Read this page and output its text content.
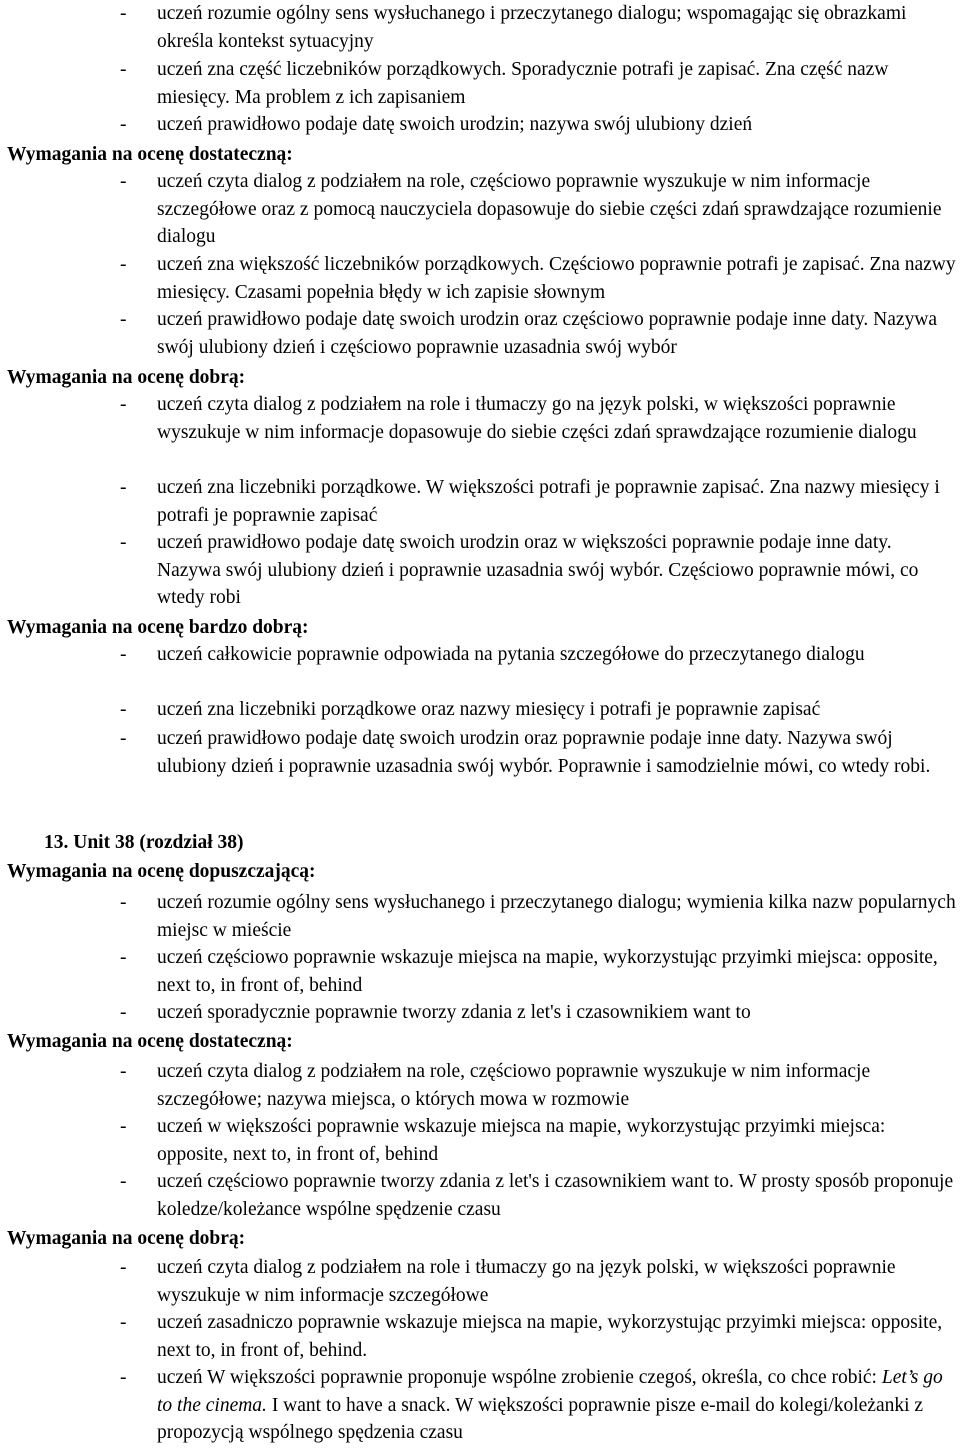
- uczeń rozumie ogólny sens wysłuchanego i przeczytanego dialogu; wspomagając się obrazkami określa kontekst sytuacyjny
- uczeń zna część liczebników porządkowych. Sporadycznie potrafi je zapisać. Zna część nazw miesięcy. Ma problem z ich zapisaniem
- uczeń prawidłowo podaje datę swoich urodzin; nazywa swój ulubiony dzień
Wymagania na ocenę dostateczną:
- uczeń czyta dialog z podziałem na role, częściowo poprawnie wyszukuje w nim informacje szczegółowe oraz z pomocą nauczyciela dopasowuje do siebie części zdań sprawdzające rozumienie dialogu
- uczeń zna większość liczebników porządkowych. Częściowo poprawnie potrafi je zapisać. Zna nazwy miesięcy. Czasami popełnia błędy w ich zapisie słownym
- uczeń prawidłowo podaje datę swoich urodzin oraz częściowo poprawnie podaje inne daty. Nazywa swój ulubiony dzień i częściowo poprawnie uzasadnia swój wybór
Wymagania na ocenę dobrą:
- uczeń czyta dialog z podziałem na role i tłumaczy go na język polski, w większości poprawnie wyszukuje w nim informacje dopasowuje do siebie części zdań sprawdzające rozumienie dialogu
- uczeń zna liczebniki porządkowe. W większości potrafi je poprawnie zapisać. Zna nazwy miesięcy i potrafi je poprawnie zapisać
- uczeń prawidłowo podaje datę swoich urodzin oraz w większości poprawnie podaje inne daty. Nazywa swój ulubiony dzień i poprawnie uzasadnia swój wybór. Częściowo poprawnie mówi, co wtedy robi
Wymagania na ocenę bardzo dobrą:
- uczeń całkowicie poprawnie odpowiada na pytania szczegółowe do przeczytanego dialogu
- uczeń zna liczebniki porządkowe oraz nazwy miesięcy i potrafi je poprawnie zapisać
- uczeń prawidłowo podaje datę swoich urodzin oraz poprawnie podaje inne daty. Nazywa swój ulubiony dzień i poprawnie uzasadnia swój wybór. Poprawnie i samodzielnie mówi, co wtedy robi.
13. Unit 38 (rozdział 38)
Wymagania na ocenę dopuszczającą:
- uczeń rozumie ogólny sens wysłuchanego i przeczytanego dialogu; wymienia kilka nazw popularnych miejsc w mieście
- uczeń częściowo poprawnie wskazuje miejsca na mapie, wykorzystując przyimki miejsca: opposite, next to, in front of, behind
- uczeń sporadycznie poprawnie tworzy zdania z let's i czasownikiem want to
Wymagania na ocenę dostateczną:
- uczeń czyta dialog z podziałem na role, częściowo poprawnie wyszukuje w nim informacje szczegółowe; nazywa miejsca, o których mowa w rozmowie
- uczeń w większości poprawnie wskazuje miejsca na mapie, wykorzystując przyimki miejsca: opposite, next to, in front of, behind
- uczeń częściowo poprawnie tworzy zdania z let's i czasownikiem want to. W prosty sposób proponuje koledze/koleżance wspólne spędzenie czasu
Wymagania na ocenę dobrą:
- uczeń czyta dialog z podziałem na role i tłumaczy go na język polski, w większości poprawnie wyszukuje w nim informacje szczegółowe
- uczeń zasadniczo poprawnie wskazuje miejsca na mapie, wykorzystując przyimki miejsca: opposite, next to, in front of, behind.
- uczeń W większości poprawnie proponuje wspólne zrobienie czegoś, określa, co chce robić: Let’s go to the cinema. I want to have a snack. W większości poprawnie pisze e-mail do kolegi/koleżanki z propozycją wspólnego spędzenia czasu
